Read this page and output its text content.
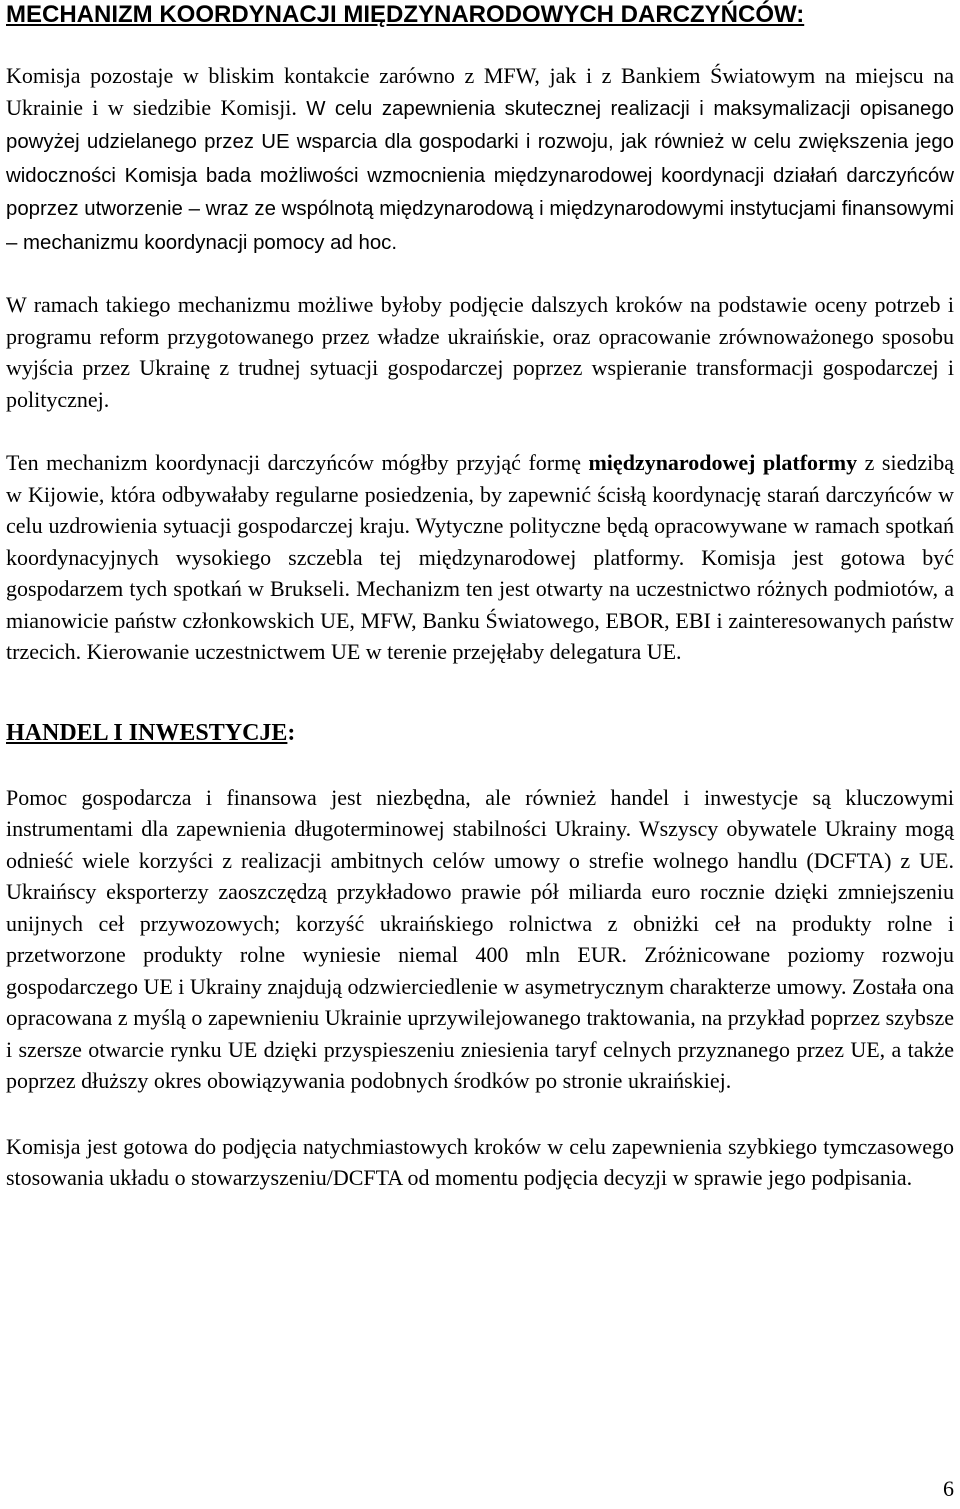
MECHANIZM KOORDYNACJI MIĘDZYNARODOWYCH DARCZYŃCÓW:

Komisja pozostaje w bliskim kontakcie zarówno z MFW, jak i z Bankiem Światowym na miejscu na Ukrainie i w siedzibie Komisji. W celu zapewnienia skutecznej realizacji i maksymalizacji opisanego powyżej udzielanego przez UE wsparcia dla gospodarki i rozwoju, jak również w celu zwiększenia jego widoczności Komisja bada możliwości wzmocnienia międzynarodowej koordynacji działań darczyńców poprzez utworzenie – wraz ze wspólnotą międzynarodową i międzynarodowymi instytucjami finansowymi – mechanizmu koordynacji pomocy ad hoc.

W ramach takiego mechanizmu możliwe byłoby podjęcie dalszych kroków na podstawie oceny potrzeb i programu reform przygotowanego przez władze ukraińskie, oraz opracowanie zrównoważonego sposobu wyjścia przez Ukrainę z trudnej sytuacji gospodarczej poprzez wspieranie transformacji gospodarczej i politycznej.

Ten mechanizm koordynacji darczyńców mógłby przyjąć formę międzynarodowej platformy z siedzibą w Kijowie, która odbywałaby regularne posiedzenia, by zapewnić ścisłą koordynację starań darczyńców w celu uzdrowienia sytuacji gospodarczej kraju. Wytyczne polityczne będą opracowywane w ramach spotkań koordynacyjnych wysokiego szczebla tej międzynarodowej platformy. Komisja jest gotowa być gospodarzem tych spotkań w Brukseli. Mechanizm ten jest otwarty na uczestnictwo różnych podmiotów, a mianowicie państw członkowskich UE, MFW, Banku Światowego, EBOR, EBI i zainteresowanych państw trzecich. Kierowanie uczestnictwem UE w terenie przejęłaby delegatura UE.

HANDEL I INWESTYCJE:

Pomoc gospodarcza i finansowa jest niezbędna, ale również handel i inwestycje są kluczowymi instrumentami dla zapewnienia długoterminowej stabilności Ukrainy. Wszyscy obywatele Ukrainy mogą odnieść wiele korzyści z realizacji ambitnych celów umowy o strefie wolnego handlu (DCFTA) z UE. Ukraińscy eksporterzy zaoszczędzą przykładowo prawie pół miliarda euro rocznie dzięki zmniejszeniu unijnych ceł przywozowych; korzyść ukraińskiego rolnictwa z obniżki ceł na produkty rolne i przetworzone produkty rolne wyniesie niemal 400 mln EUR. Zróżnicowane poziomy rozwoju gospodarczego UE i Ukrainy znajdują odzwierciedlenie w asymetrycznym charakterze umowy. Została ona opracowana z myślą o zapewnieniu Ukrainie uprzywilejowanego traktowania, na przykład poprzez szybsze i szersze otwarcie rynku UE dzięki przyspieszeniu zniesienia taryf celnych przyznanego przez UE, a także poprzez dłuższy okres obowiązywania podobnych środków po stronie ukraińskiej.

Komisja jest gotowa do podjęcia natychmiastowych kroków w celu zapewnienia szybkiego tymczasowego stosowania układu o stowarzyszeniu/DCFTA od momentu podjęcia decyzji w sprawie jego podpisania.

6
